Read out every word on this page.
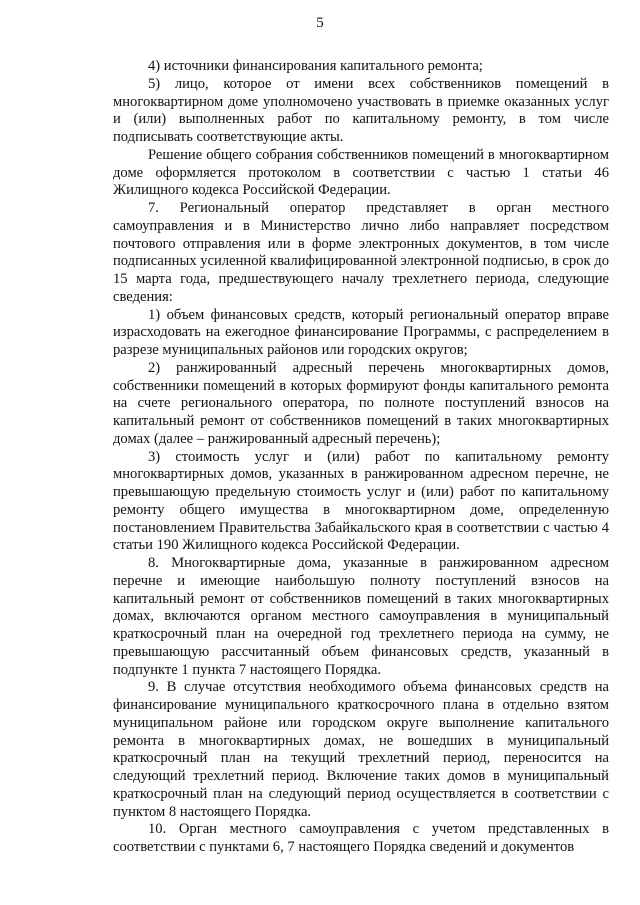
5

4) источники финансирования капитального ремонта;

5) лицо, которое от имени всех собственников помещений в многоквартирном доме уполномочено участвовать в приемке оказанных услуг и (или) выполненных работ по капитальному ремонту, в том числе подписывать соответствующие акты.

Решение общего собрания собственников помещений в многоквартирном доме оформляется протоколом в соответствии с частью 1 статьи 46 Жилищного кодекса Российской Федерации.

7. Региональный оператор представляет в орган местного самоуправления и в Министерство лично либо направляет посредством почтового отправления или в форме электронных документов, в том числе подписанных усиленной квалифицированной электронной подписью, в срок до 15 марта года, предшествующего началу трехлетнего периода, следующие сведения:

1) объем финансовых средств, который региональный оператор вправе израсходовать на ежегодное финансирование Программы, с распределением в разрезе муниципальных районов или городских округов;

2) ранжированный адресный перечень многоквартирных домов, собственники помещений в которых формируют фонды капитального ремонта на счете регионального оператора, по полноте поступлений взносов на капитальный ремонт от собственников помещений в таких многоквартирных домах (далее – ранжированный адресный перечень);

3) стоимость услуг и (или) работ по капитальному ремонту многоквартирных домов, указанных в ранжированном адресном перечне, не превышающую предельную стоимость услуг и (или) работ по капитальному ремонту общего имущества в многоквартирном доме, определенную постановлением Правительства Забайкальского края в соответствии с частью 4 статьи 190 Жилищного кодекса Российской Федерации.

8. Многоквартирные дома, указанные в ранжированном адресном перечне и имеющие наибольшую полноту поступлений взносов на капитальный ремонт от собственников помещений в таких многоквартирных домах, включаются органом местного самоуправления в муниципальный краткосрочный план на очередной год трехлетнего периода на сумму, не превышающую рассчитанный объем финансовых средств, указанный в подпункте 1 пункта 7 настоящего Порядка.

9. В случае отсутствия необходимого объема финансовых средств на финансирование муниципального краткосрочного плана в отдельно взятом муниципальном районе или городском округе выполнение капитального ремонта в многоквартирных домах, не вошедших в муниципальный краткосрочный план на текущий трехлетний период, переносится на следующий трехлетний период. Включение таких домов в муниципальный краткосрочный план на следующий период осуществляется в соответствии с пунктом 8 настоящего Порядка.

10. Орган местного самоуправления с учетом представленных в соответствии с пунктами 6, 7 настоящего Порядка сведений и документов
